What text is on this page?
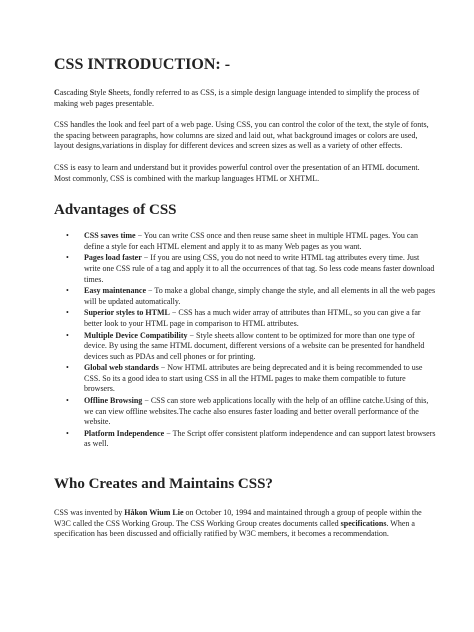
CSS INTRODUCTION: -

Cascading Style Sheets, fondly referred to as CSS, is a simple design language intended to simplify the process of making web pages presentable.

CSS handles the look and feel part of a web page. Using CSS, you can control the color of the text, the style of fonts, the spacing between paragraphs, how columns are sized and laid out, what background images or colors are used, layout designs,variations in display for different devices and screen sizes as well as a variety of other effects.

CSS is easy to learn and understand but it provides powerful control over the presentation of an HTML document. Most commonly, CSS is combined with the markup languages HTML or XHTML.

Advantages of CSS
• CSS saves time − You can write CSS once and then reuse same sheet in multiple HTML pages. You can define a style for each HTML element and apply it to as many Web pages as you want.
• Pages load faster − If you are using CSS, you do not need to write HTML tag attributes every time. Just write one CSS rule of a tag and apply it to all the occurrences of that tag. So less code means faster download times.
• Easy maintenance − To make a global change, simply change the style, and all elements in all the web pages will be updated automatically.
• Superior styles to HTML − CSS has a much wider array of attributes than HTML, so you can give a far better look to your HTML page in comparison to HTML attributes.
• Multiple Device Compatibility − Style sheets allow content to be optimized for more than one type of device. By using the same HTML document, different versions of a website can be presented for handheld devices such as PDAs and cell phones or for printing.
• Global web standards − Now HTML attributes are being deprecated and it is being recommended to use CSS. So its a good idea to start using CSS in all the HTML pages to make them compatible to future browsers.
• Offline Browsing − CSS can store web applications locally with the help of an offline catche.Using of this, we can view offline websites.The cache also ensures faster loading and better overall performance of the website.
• Platform Independence − The Script offer consistent platform independence and can support latest browsers as well.
Who Creates and Maintains CSS?

CSS was invented by Håkon Wium Lie on October 10, 1994 and maintained through a group of people within the W3C called the CSS Working Group. The CSS Working Group creates documents called specifications. When a specification has been discussed and officially ratified by W3C members, it becomes a recommendation.
